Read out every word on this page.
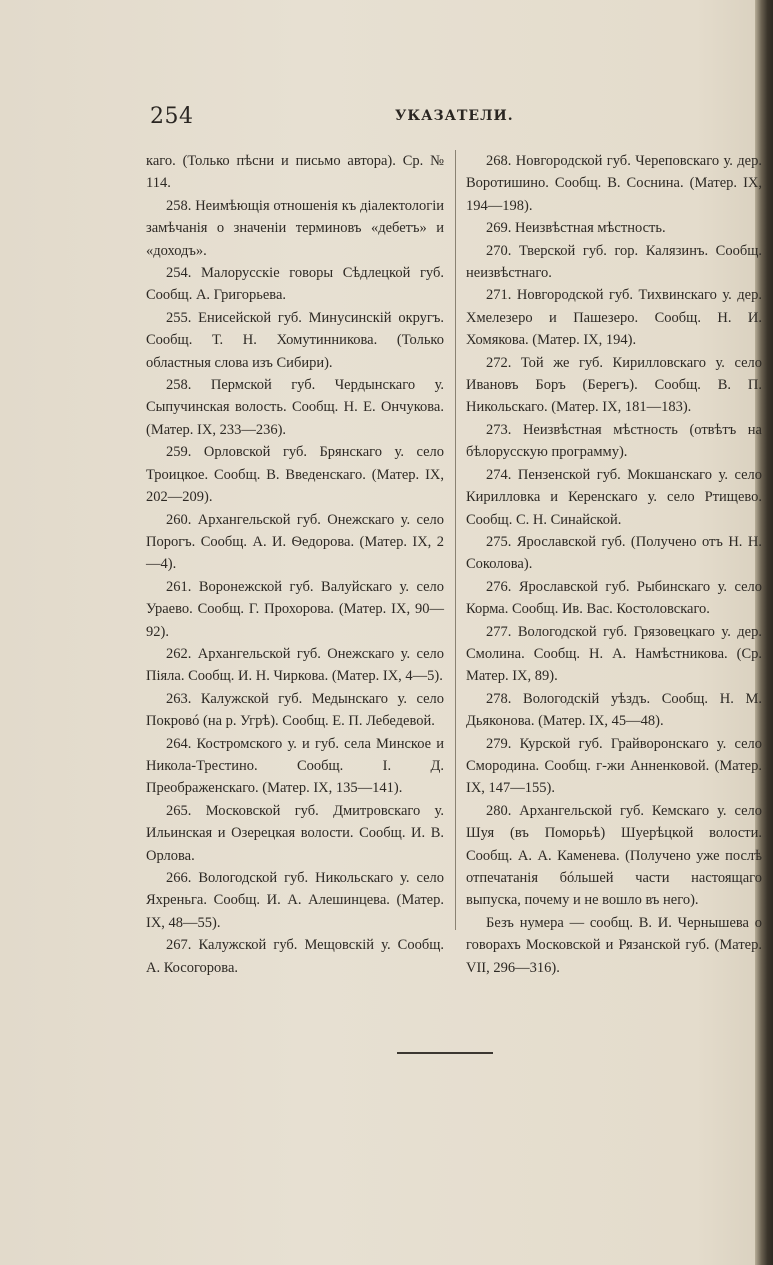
254	УКАЗАТЕЛИ.

каго. (Только пѣсни и письмо автора). Ср. № 114.

258. Неимѣющія отношенія къ діалектологіи замѣчанія о значеніи терминовъ «дебетъ» и «доходъ».

254. Малорусскіе говоры Сѣдлецкой губ. Сообщ. А. Григорьева.

255. Енисейской губ. Минусинскій округъ. Сообщ. Т. Н. Хомутинникова. (Только областныя слова изъ Сибири).

258. Пермской губ. Чердынскаго у. Сыпучинская волость. Сообщ. Н. Е. Ончукова. (Матер. IX, 233—236).

259. Орловской губ. Брянскаго у. село Троицкое. Сообщ. В. Введенскаго. (Матер. IX, 202—209).

260. Архангельской губ. Онежскаго у. село Порогъ. Сообщ. А. И. Ѳедорова. (Матер. IX, 2—4).

261. Воронежской губ. Валуйскаго у. село Ураево. Сообщ. Г. Прохорова. (Матер. IX, 90—92).

262. Архангельской губ. Онежскаго у. село Піяла. Сообщ. И. Н. Чиркова. (Матер. IX, 4—5).

263. Калужской губ. Медынскаго у. село Покровó (на р. Угрѣ). Сообщ. Е. П. Лебедевой.

264. Костромского у. и губ. села Минское и Никола-Трестино. Сообщ. І. Д. Преображенскаго. (Матер. IX, 135—141).

265. Московской губ. Дмитровскаго у. Ильинская и Озерецкая волости. Сообщ. И. В. Орлова.

266. Вологодской губ. Никольскаго у. село Яхреньга. Сообщ. И. А. Алешинцева. (Матер. IX, 48—55).

267. Калужской губ. Мещовскій у. Сообщ. А. Косогорова.

268. Новгородской губ. Череповскаго у. дер. Воротишино. Сообщ. В. Соснина. (Матер. IX, 194—198).

269. Неизвѣстная мѣстность.

270. Тверской губ. гор. Калязинъ. Сообщ. неизвѣстнаго.

271. Новгородской губ. Тихвинскаго у. дер. Хмелезеро и Пашезеро. Сообщ. Н. И. Хомякова. (Матер. IX, 194).

272. Той же губ. Кирилловскаго у. село Ивановъ Боръ (Берегъ). Сообщ. В. П. Никольскаго. (Матер. IX, 181—183).

273. Неизвѣстная мѣстность (отвѣтъ на бѣлорусскую программу).

274. Пензенской губ. Мокшанскаго у. село Кирилловка и Керенскаго у. село Ртищево. Сообщ. С. Н. Синайской.

275. Ярославской губ. (Получено отъ Н. Н. Соколова).

276. Ярославской губ. Рыбинскаго у. село Корма. Сообщ. Ив. Вас. Костоловскаго.

277. Вологодской губ. Грязовецкаго у. дер. Смолина. Сообщ. Н. А. Намѣстникова. (Ср. Матер. IX, 89).

278. Вологодскій уѣздъ. Сообщ. Н. М. Дьяконова. (Матер. IX, 45—48).

279. Курской губ. Грайворонскаго у. село Смородина. Сообщ. г-жи Анненковой. (Матер. IX, 147—155).

280. Архангельской губ. Кемскаго у. село Шуя (въ Поморьѣ) Шуерѣцкой волости. Сообщ. А. А. Каменева. (Получено уже послѣ отпечатанія бóльшей части настоящаго выпуска, почему и не вошло въ него).

Безъ нумера — сообщ. В. И. Чернышева о говорахъ Московской и Рязанской губ. (Матер. VII, 296—316).
